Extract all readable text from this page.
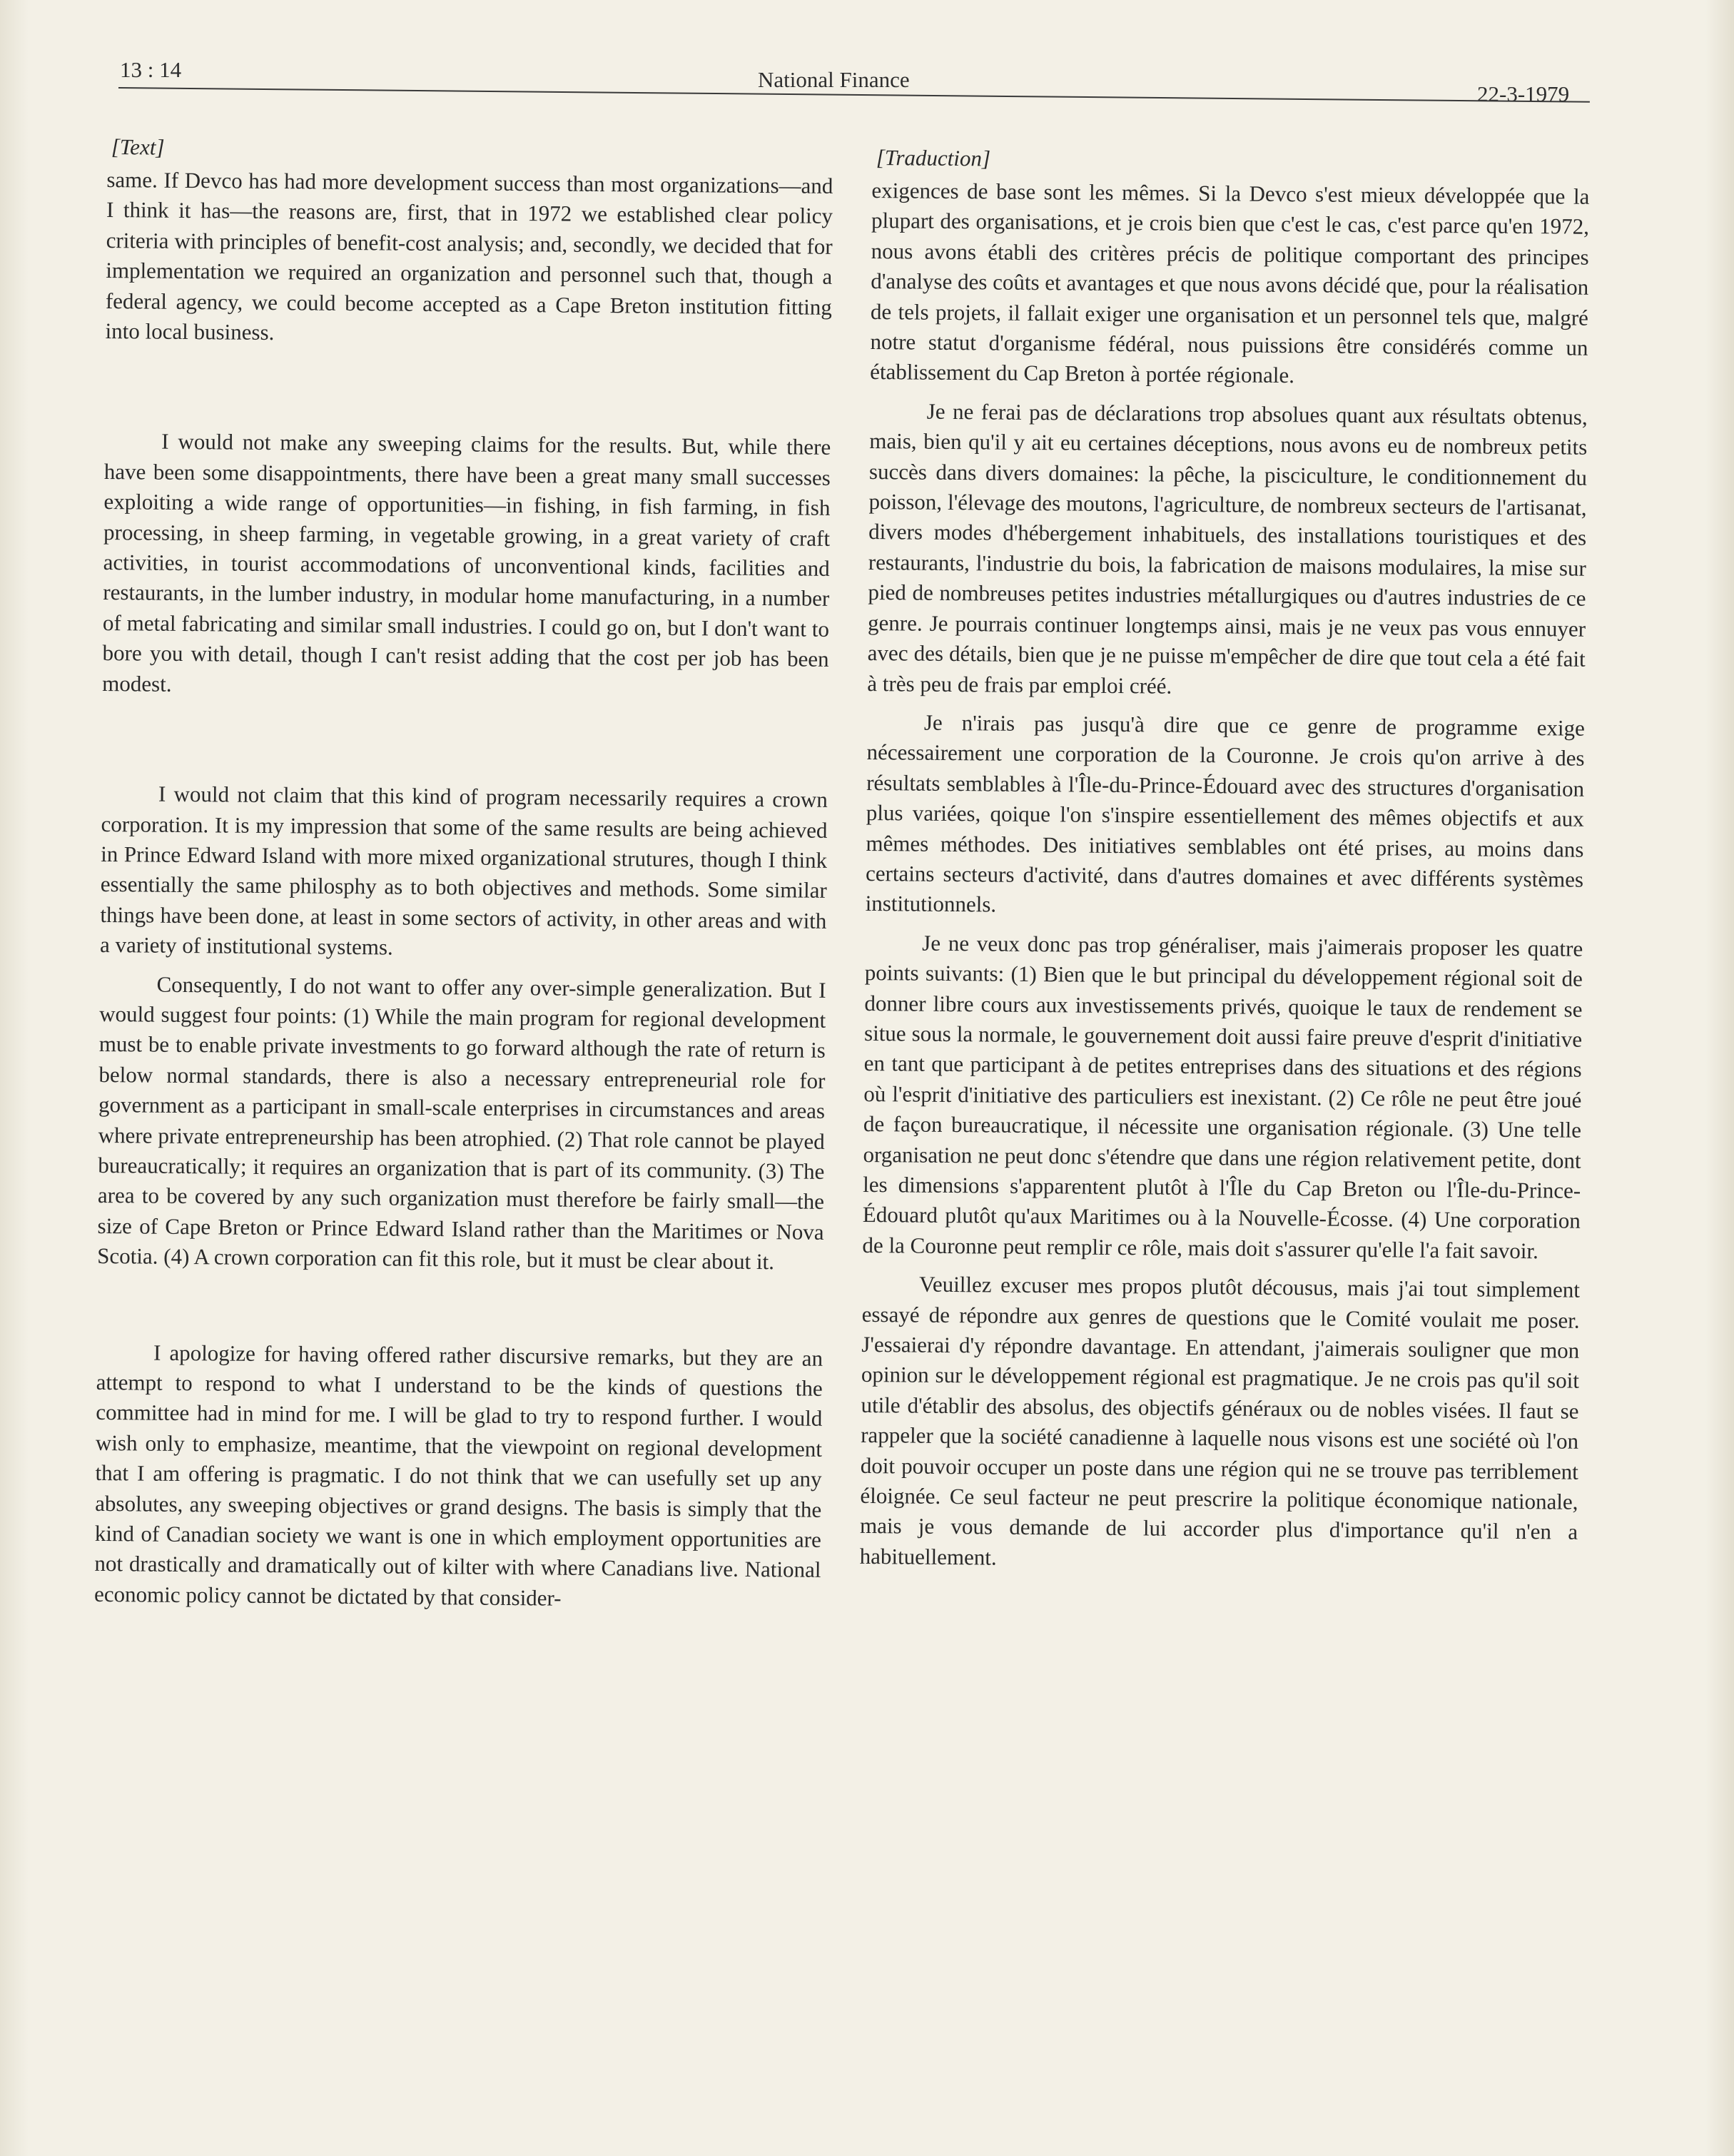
13 : 14	National Finance
22-3-1979
[Text]

same. If Devco has had more development success than most organizations—and I think it has—the reasons are, first, that in 1972 we established clear policy criteria with principles of benefit-cost analysis; and, secondly, we decided that for implementation we required an organization and personnel such that, though a federal agency, we could become accepted as a Cape Breton institution fitting into local business.

I would not make any sweeping claims for the results. But, while there have been some disappointments, there have been a great many small successes exploiting a wide range of opportunities—in fishing, in fish farming, in fish processing, in sheep farming, in vegetable growing, in a great variety of craft activities, in tourist accommodations of unconventional kinds, facilities and restaurants, in the lumber industry, in modular home manufacturing, in a number of metal fabricating and similar small industries. I could go on, but I don't want to bore you with detail, though I can't resist adding that the cost per job has been modest.

I would not claim that this kind of program necessarily requires a crown corporation. It is my impression that some of the same results are being achieved in Prince Edward Island with more mixed organizational strutures, though I think essentially the same philosphy as to both objectives and methods. Some similar things have been done, at least in some sectors of activity, in other areas and with a variety of institutional systems.

Consequently, I do not want to offer any over-simple generalization. But I would suggest four points: (1) While the main program for regional development must be to enable private investments to go forward although the rate of return is below normal standards, there is also a necessary entrepreneurial role for government as a participant in small-scale enterprises in circumstances and areas where private entrepreneurship has been atrophied. (2) That role cannot be played bureaucratically; it requires an organization that is part of its community. (3) The area to be covered by any such organization must therefore be fairly small—the size of Cape Breton or Prince Edward Island rather than the Maritimes or Nova Scotia. (4) A crown corporation can fit this role, but it must be clear about it.

I apologize for having offered rather discursive remarks, but they are an attempt to respond to what I understand to be the kinds of questions the committee had in mind for me. I will be glad to try to respond further. I would wish only to emphasize, meantime, that the viewpoint on regional development that I am offering is pragmatic. I do not think that we can usefully set up any absolutes, any sweeping objectives or grand designs. The basis is simply that the kind of Canadian society we want is one in which employment opportunities are not drastically and dramatically out of kilter with where Canadians live. National economic policy cannot be dictated by that consider-

[Traduction]

exigences de base sont les mêmes. Si la Devco s'est mieux développée que la plupart des organisations, et je crois bien que c'est le cas, c'est parce qu'en 1972, nous avons établi des critères précis de politique comportant des principes d'analyse des coûts et avantages et que nous avons décidé que, pour la réalisation de tels projets, il fallait exiger une organisation et un personnel tels que, malgré notre statut d'organisme fédéral, nous puissions être considérés comme un établissement du Cap Breton à portée régionale.

Je ne ferai pas de déclarations trop absolues quant aux résultats obtenus, mais, bien qu'il y ait eu certaines déceptions, nous avons eu de nombreux petits succès dans divers domaines: la pêche, la pisciculture, le conditionnement du poisson, l'élevage des moutons, l'agriculture, de nombreux secteurs de l'artisanat, divers modes d'hébergement inhabituels, des installations touristiques et des restaurants, l'industrie du bois, la fabrication de maisons modulaires, la mise sur pied de nombreuses petites industries métallurgiques ou d'autres industries de ce genre. Je pourrais continuer longtemps ainsi, mais je ne veux pas vous ennuyer avec des détails, bien que je ne puisse m'empêcher de dire que tout cela a été fait à très peu de frais par emploi créé.

Je n'irais pas jusqu'à dire que ce genre de programme exige nécessairement une corporation de la Couronne. Je crois qu'on arrive à des résultats semblables à l'Île-du-Prince-Édouard avec des structures d'organisation plus variées, qoique l'on s'inspire essentiellement des mêmes objectifs et aux mêmes méthodes. Des initiatives semblables ont été prises, au moins dans certains secteurs d'activité, dans d'autres domaines et avec différents systèmes institutionnels.

Je ne veux donc pas trop généraliser, mais j'aimerais proposer les quatre points suivants: (1) Bien que le but principal du développement régional soit de donner libre cours aux investissements privés, quoique le taux de rendement se situe sous la normale, le gouvernement doit aussi faire preuve d'esprit d'initiative en tant que participant à de petites entreprises dans des situations et des régions où l'esprit d'initiative des particuliers est inexistant. (2) Ce rôle ne peut être joué de façon bureaucratique, il nécessite une organisation régionale. (3) Une telle organisation ne peut donc s'étendre que dans une région relativement petite, dont les dimensions s'apparentent plutôt à l'Île du Cap Breton ou l'Île-du-Prince-Édouard plutôt qu'aux Maritimes ou à la Nouvelle-Écosse. (4) Une corporation de la Couronne peut remplir ce rôle, mais doit s'assurer qu'elle l'a fait savoir.

Veuillez excuser mes propos plutôt décousus, mais j'ai tout simplement essayé de répondre aux genres de questions que le Comité voulait me poser. J'essaierai d'y répondre davantage. En attendant, j'aimerais souligner que mon opinion sur le développement régional est pragmatique. Je ne crois pas qu'il soit utile d'établir des absolus, des objectifs généraux ou de nobles visées. Il faut se rappeler que la société canadienne à laquelle nous visons est une société où l'on doit pouvoir occuper un poste dans une région qui ne se trouve pas terriblement éloignée. Ce seul facteur ne peut prescrire la politique économique nationale, mais je vous demande de lui accorder plus d'importance qu'il n'en a habituellement.
